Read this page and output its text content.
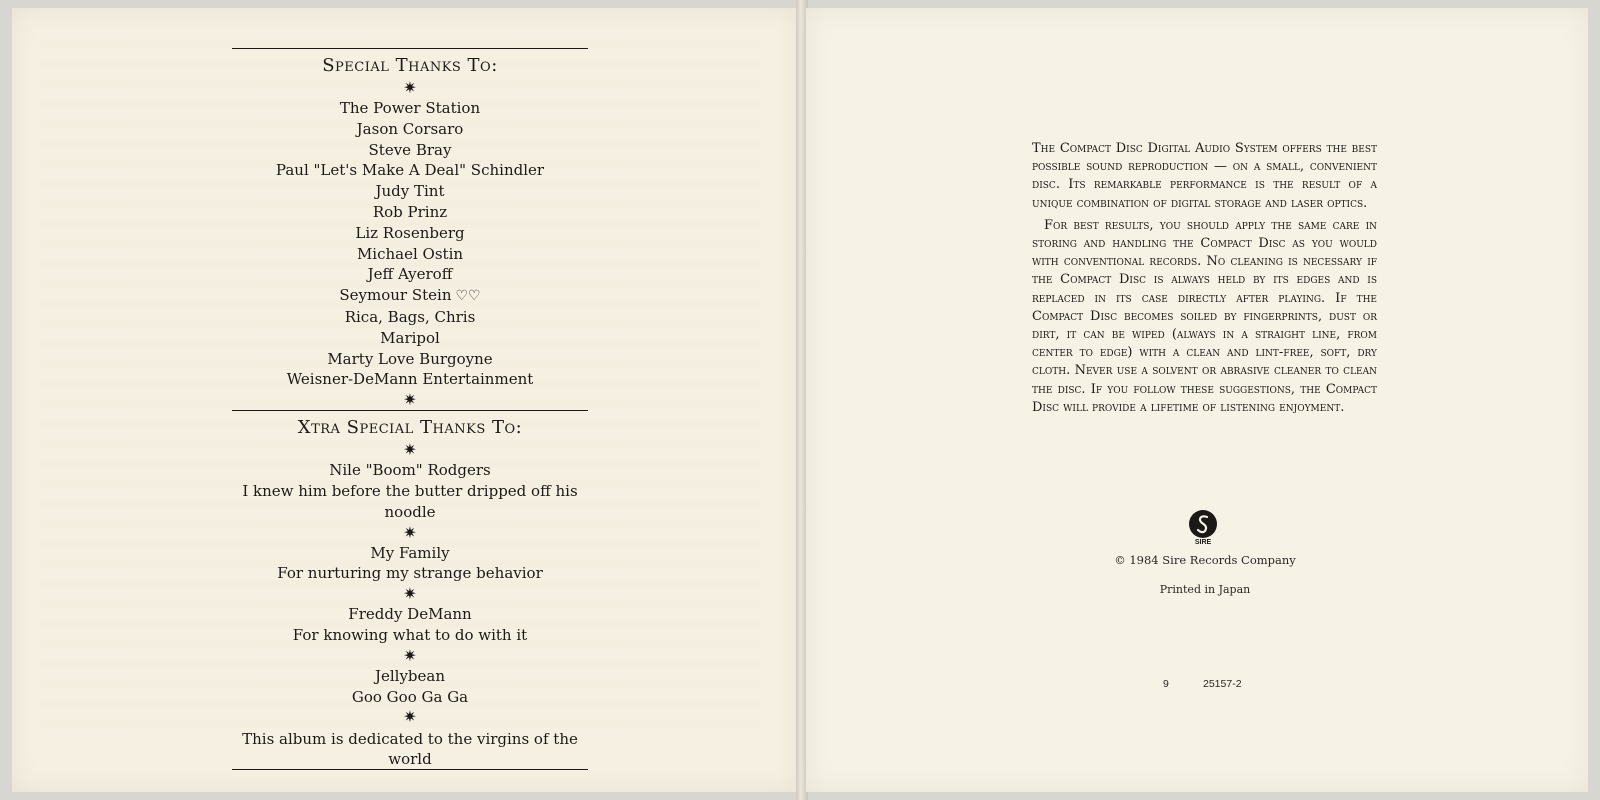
Special Thanks To:
✷
The Power Station
Jason Corsaro
Steve Bray
Paul "Let's Make A Deal" Schindler
Judy Tint
Rob Prinz
Liz Rosenberg
Michael Ostin
Jeff Ayeroff
Seymour Stein ♡♡
Rica, Bags, Chris
Maripol
Marty Love Burgoyne
Weisner-DeMann Entertainment
✷
Xtra Special Thanks To:
✷
Nile "Boom" Rodgers
I knew him before the butter dripped off his noodle
✷
My Family
For nurturing my strange behavior
✷
Freddy DeMann
For knowing what to do with it
✷
Jellybean
Goo Goo Ga Ga
✷
This album is dedicated to the virgins of the world

The Compact Disc Digital Audio System offers the best possible sound reproduction — on a small, convenient disc. Its remarkable performance is the result of a unique combination of digital storage and laser optics.

For best results, you should apply the same care in storing and handling the Compact Disc as you would with conventional records. No cleaning is necessary if the Compact Disc is always held by its edges and is replaced in its case directly after playing. If the Compact Disc becomes soiled by fingerprints, dust or dirt, it can be wiped (always in a straight line, from center to edge) with a clean and lint-free, soft, dry cloth. Never use a solvent or abrasive cleaner to clean the disc. If you follow these suggestions, the Compact Disc will provide a lifetime of listening enjoyment.

SIRE
© 1984 Sire Records Company
Printed in Japan
9	25157-2
